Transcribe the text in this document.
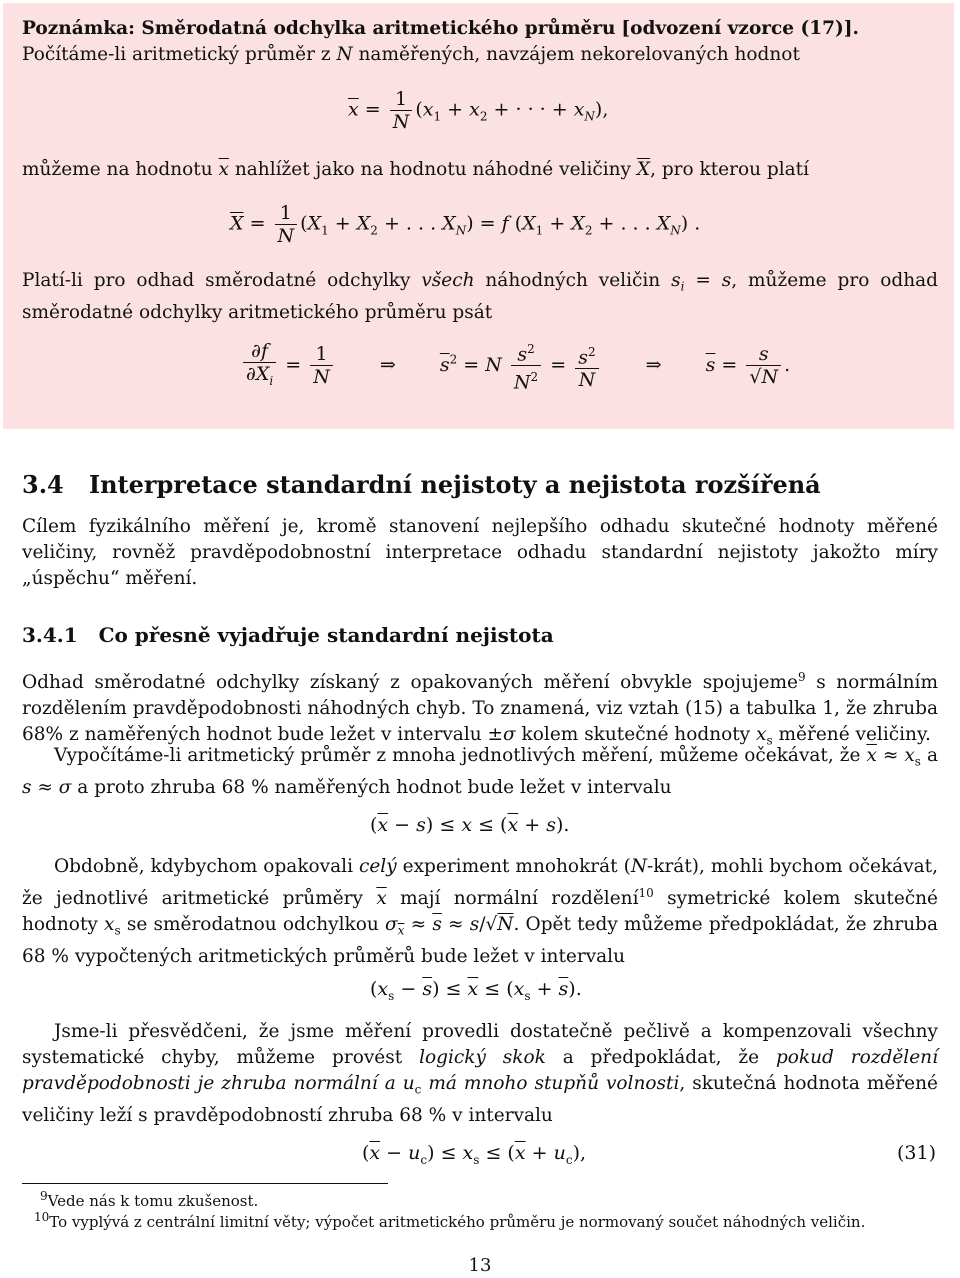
Poznámka: Směrodatná odchylka aritmetického průměru [odvození vzorce (17)].
Počítáme-li aritmetický průměr z N naměřených, navzájem nekorelovaných hodnot
$\overline{x} = \frac{1}{N} (x_1 + x_2$ + · · · + $x_N$),
můžeme na hodnotu $\overline{x}$ nahlížet jako na hodnotu náhodné veličiny $\overline{X}$, pro kterou platí
$\overline{X} = \frac{1}{N} (X_1 + X_2$ + . . . $X_N) = f$ ($X_1 + X_2$ + . . . $X_N$) .
Platí-li pro odhad směrodatné odchylky všech náhodných veličin $s_i = s$, můžeme pro odhad směrodatné odchylky aritmetického průměru psát
$\frac{\partial f}{\partial X_i} = \frac{1}{N}$ ⇒ $\overline{s}^2 = N \frac{s^2}{N^2} = \frac{s^2}{N}$ ⇒ $\overline{s} = \frac{s}{√N}$ .
3.4 Interpretace standardní nejistoty a nejistota rozšířená
Cílem fyzikálního měření je, kromě stanovení nejlepšího odhadu skutečné hodnoty měřené veličiny, rovněž pravděpodobnostní interpretace odhadu standardní nejistoty jakožto míry „úspěchu“ měření.
3.4.1 Co přesně vyjadřuje standardní nejistota
Odhad směrodatné odchylky získaný z opakovaných měření obvykle spojujeme$^9$ s normálním rozdělením pravděpodobnosti náhodných chyb. To znamená, viz vztah (15) a tabulka 1, že zhruba 68% z naměřených hodnot bude ležet v intervalu ±σ kolem skutečné hodnoty $x_s$ měřené veličiny.
Vypočítáme-li aritmetický průměr z mnoha jednotlivých měření, můžeme očekávat, že $\overline{x} \approx x_s$ a s ≈ σ a proto zhruba 68 % naměřených hodnot bude ležet v intervalu
$(\overline{x} - s) \le x \le (\overline{x} + s)$.
Obdobně, kdybychom opakovali celý experiment mnohokrát (N-krát), mohli bychom očekávat, že jednotlivé aritmetické průměry $\overline{x}$ mají normální rozdělení$^{10}$ symetrické kolem skutečné hodnoty $x_s$ se směrodatnou odchylkou $\sigma_{\overline{x}} \approx \overline{s} \approx s/√N$. Opět tedy můžeme předpokládat, že zhruba 68 % vypočtených aritmetických průměrů bude ležet v intervalu
$(x_s - \overline{s}) \le \overline{x} \le (x_s + \overline{s})$.
Jsme-li přesvědčeni, že jsme měření provedli dostatečně pečlivě a kompenzovali všechny systematické chyby, můžeme provést logický skok a předpokládat, že pokud rozdělení pravděpodobnosti je zhruba normální a $u_c$ má mnoho stupňů volnosti, skutečná hodnota měřené veličiny leží s pravděpodobností zhruba 68 % v intervalu
$(\overline{x} - u_c) \le x_s \le (\overline{x} + u_c)$,	(31)
$^9$Vede nás k tomu zkušenost.
$^{10}$To vyplývá z centrální limitní věty; výpočet aritmetického průměru je normovaný součet náhodných veličin.
13
